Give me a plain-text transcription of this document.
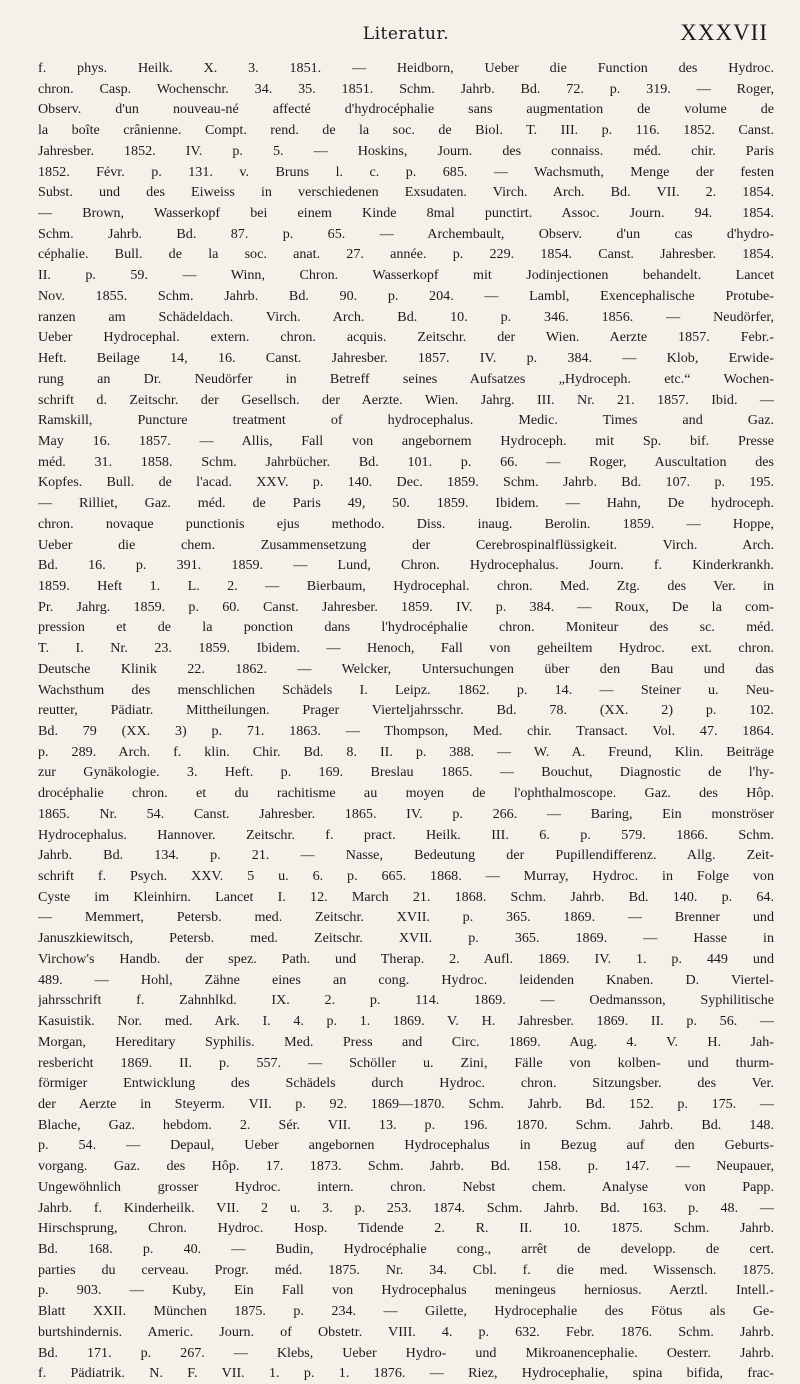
Literatur.	XXXVII
f. phys. Heilk. X. 3. 1851. — Heidborn, Ueber die Function des Hydroc.
chron. Casp. Wochenschr. 34. 35. 1851. Schm. Jahrb. Bd. 72. p. 319. — Roger,
Observ. d'un nouveau-né affecté d'hydrocéphalie sans augmentation de volume de
la boîte crânienne. Compt. rend. de la soc. de Biol. T. III. p. 116. 1852. Canst.
Jahresber. 1852. IV. p. 5. — Hoskins, Journ. des connaiss. méd. chir. Paris
1852. Févr. p. 131. v. Bruns l. c. p. 685. — Wachsmuth, Menge der festen
Subst. und des Eiweiss in verschiedenen Exsudaten. Virch. Arch. Bd. VII. 2. 1854.
— Brown, Wasserkopf bei einem Kinde 8mal punctirt. Assoc. Journ. 94. 1854.
Schm. Jahrb. Bd. 87. p. 65. — Archembault, Observ. d'un cas d'hydro-
céphalie. Bull. de la soc. anat. 27. année. p. 229. 1854. Canst. Jahresber. 1854.
II. p. 59. — Winn, Chron. Wasserkopf mit Jodinjectionen behandelt. Lancet
Nov. 1855. Schm. Jahrb. Bd. 90. p. 204. — Lambl, Exencephalische Protube-
ranzen am Schädeldach. Virch. Arch. Bd. 10. p. 346. 1856. — Neudörfer,
Ueber Hydrocephal. extern. chron. acquis. Zeitschr. der Wien. Aerzte 1857. Febr.-
Heft. Beilage 14, 16. Canst. Jahresber. 1857. IV. p. 384. — Klob, Erwide-
rung an Dr. Neudörfer in Betreff seines Aufsatzes „Hydroceph. etc.“ Wochen-
schrift d. Zeitschr. der Gesellsch. der Aerzte. Wien. Jahrg. III. Nr. 21. 1857. Ibid. —
Ramskill, Puncture treatment of hydrocephalus. Medic. Times and Gaz.
May 16. 1857. — Allis, Fall von angebornem Hydroceph. mit Sp. bif. Presse
méd. 31. 1858. Schm. Jahrbücher. Bd. 101. p. 66. — Roger, Auscultation des
Kopfes. Bull. de l'acad. XXV. p. 140. Dec. 1859. Schm. Jahrb. Bd. 107. p. 195.
— Rilliet, Gaz. méd. de Paris 49, 50. 1859. Ibidem. — Hahn, De hydroceph.
chron. novaque punctionis ejus methodo. Diss. inaug. Berolin. 1859. — Hoppe,
Ueber die chem. Zusammensetzung der Cerebrospinalflüssigkeit. Virch. Arch.
Bd. 16. p. 391. 1859. — Lund, Chron. Hydrocephalus. Journ. f. Kinderkrankh.
1859. Heft 1. L. 2. — Bierbaum, Hydrocephal. chron. Med. Ztg. des Ver. in
Pr. Jahrg. 1859. p. 60. Canst. Jahresber. 1859. IV. p. 384. — Roux, De la com-
pression et de la ponction dans l'hydrocéphalie chron. Moniteur des sc. méd.
T. I. Nr. 23. 1859. Ibidem. — Henoch, Fall von geheiltem Hydroc. ext. chron.
Deutsche Klinik 22. 1862. — Welcker, Untersuchungen über den Bau und das
Wachsthum des menschlichen Schädels I. Leipz. 1862. p. 14. — Steiner u. Neu-
reutter, Pädiatr. Mittheilungen. Prager Vierteljahrsschr. Bd. 78. (XX. 2) p. 102.
Bd. 79 (XX. 3) p. 71. 1863. — Thompson, Med. chir. Transact. Vol. 47. 1864.
p. 289. Arch. f. klin. Chir. Bd. 8. II. p. 388. — W. A. Freund, Klin. Beiträge
zur Gynäkologie. 3. Heft. p. 169. Breslau 1865. — Bouchut, Diagnostic de l'hy-
drocéphalie chron. et du rachitisme au moyen de l'ophthalmoscope. Gaz. des Hôp.
1865. Nr. 54. Canst. Jahresber. 1865. IV. p. 266. — Baring, Ein monströser
Hydrocephalus. Hannover. Zeitschr. f. pract. Heilk. III. 6. p. 579. 1866. Schm.
Jahrb. Bd. 134. p. 21. — Nasse, Bedeutung der Pupillendifferenz. Allg. Zeit-
schrift f. Psych. XXV. 5 u. 6. p. 665. 1868. — Murray, Hydroc. in Folge von
Cyste im Kleinhirn. Lancet I. 12. March 21. 1868. Schm. Jahrb. Bd. 140. p. 64.
— Memmert, Petersb. med. Zeitschr. XVII. p. 365. 1869. — Brenner und
Januszkiewitsch, Petersb. med. Zeitschr. XVII. p. 365. 1869. — Hasse in
Virchow's Handb. der spez. Path. und Therap. 2. Aufl. 1869. IV. 1. p. 449 und
489. — Hohl, Zähne eines an cong. Hydroc. leidenden Knaben. D. Viertel-
jahrsschrift f. Zahnhlkd. IX. 2. p. 114. 1869. — Oedmansson, Syphilitische
Kasuistik. Nor. med. Ark. I. 4. p. 1. 1869. V. H. Jahresber. 1869. II. p. 56. —
Morgan, Hereditary Syphilis. Med. Press and Circ. 1869. Aug. 4. V. H. Jah-
resbericht 1869. II. p. 557. — Schöller u. Zini, Fälle von kolben- und thurm-
förmiger Entwicklung des Schädels durch Hydroc. chron. Sitzungsber. des Ver.
der Aerzte in Steyerm. VII. p. 92. 1869—1870. Schm. Jahrb. Bd. 152. p. 175. —
Blache, Gaz. hebdom. 2. Sér. VII. 13. p. 196. 1870. Schm. Jahrb. Bd. 148.
p. 54. — Depaul, Ueber angebornen Hydrocephalus in Bezug auf den Geburts-
vorgang. Gaz. des Hôp. 17. 1873. Schm. Jahrb. Bd. 158. p. 147. — Neupauer,
Ungewöhnlich grosser Hydroc. intern. chron. Nebst chem. Analyse von Papp.
Jahrb. f. Kinderheilk. VII. 2 u. 3. p. 253. 1874. Schm. Jahrb. Bd. 163. p. 48. —
Hirschsprung, Chron. Hydroc. Hosp. Tidende 2. R. II. 10. 1875. Schm. Jahrb.
Bd. 168. p. 40. — Budin, Hydrocéphalie cong., arrêt de developp. de cert.
parties du cerveau. Progr. méd. 1875. Nr. 34. Cbl. f. die med. Wissensch. 1875.
p. 903. — Kuby, Ein Fall von Hydrocephalus meningeus herniosus. Aerztl. Intell.-
Blatt XXII. München 1875. p. 234. — Gilette, Hydrocephalie des Fötus als Ge-
burtshindernis. Americ. Journ. of Obstetr. VIII. 4. p. 632. Febr. 1876. Schm. Jahrb.
Bd. 171. p. 267. — Klebs, Ueber Hydro- und Mikroanencephalie. Oesterr. Jahrb.
f. Pädiatrik. N. F. VII. 1. p. 1. 1876. — Riez, Hydrocephalie, spina bifida, frac-
